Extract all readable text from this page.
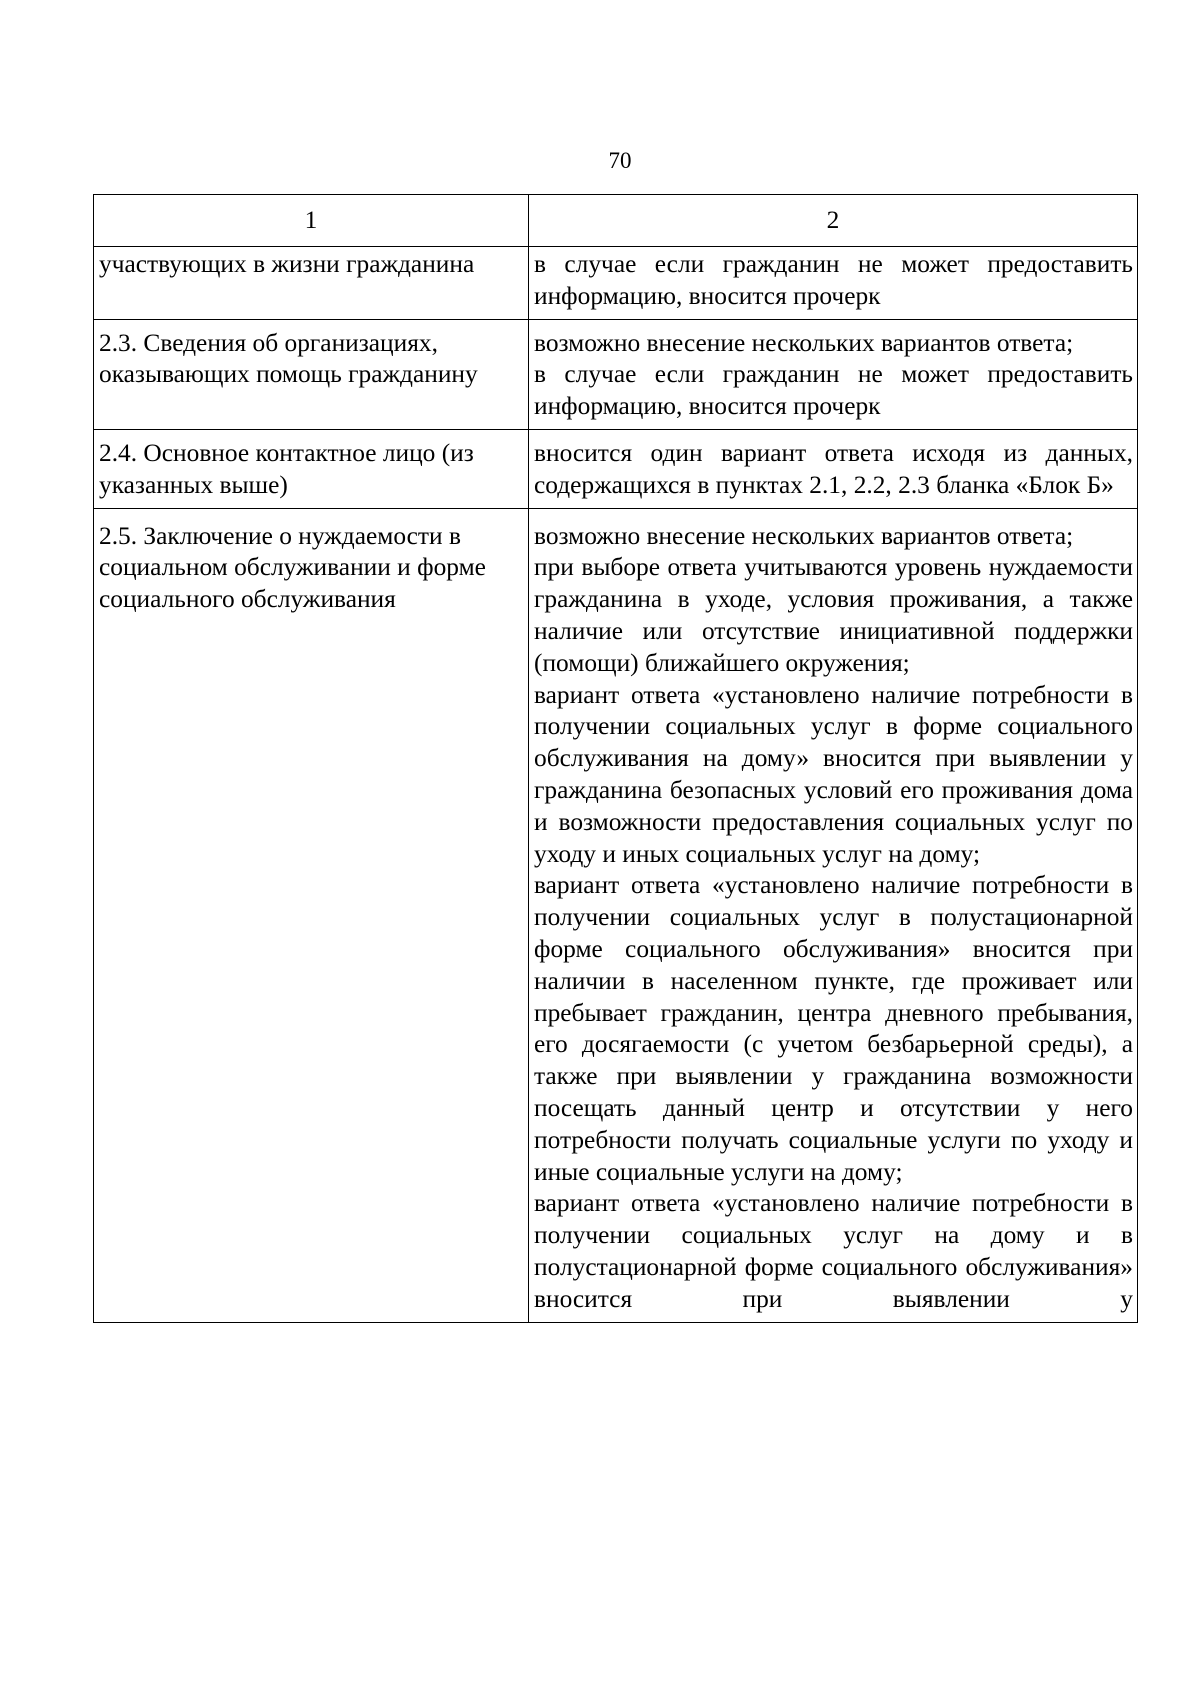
70
1	2
участвующих в жизни гражданина	в случае если гражданин не может предоставить информацию, вносится прочерк

2.3. Сведения об организациях, оказывающих помощь гражданину	возможно внесение нескольких вариантов ответа;
в случае если гражданин не может предоставить информацию, вносится прочерк

2.4. Основное контактное лицо (из указанных выше)	вносится один вариант ответа исходя из данных, содержащихся в пунктах 2.1, 2.2, 2.3 бланка «Блок Б»

2.5. Заключение о нуждаемости в социальном обслуживании и форме социального обслуживания	возможно внесение нескольких вариантов ответа;
при выборе ответа учитываются уровень нуждаемости гражданина в уходе, условия проживания, а также наличие или отсутствие инициативной поддержки (помощи) ближайшего окружения;
вариант ответа «установлено наличие потребности в получении социальных услуг в форме социального обслуживания на дому» вносится при выявлении у гражданина безопасных условий его проживания дома и возможности предоставления социальных услуг по уходу и иных социальных услуг на дому;
вариант ответа «установлено наличие потребности в получении социальных услуг в полустационарной форме социального обслуживания» вносится при наличии в населенном пункте, где проживает или пребывает гражданин, центра дневного пребывания, его досягаемости (с учетом безбарьерной среды), а также при выявлении у гражданина возможности посещать данный центр и отсутствии у него потребности получать социальные услуги по уходу и иные социальные услуги на дому;
вариант ответа «установлено наличие потребности в получении социальных услуг на дому и в полустационарной форме социального обслуживания» вносится при выявлении у
